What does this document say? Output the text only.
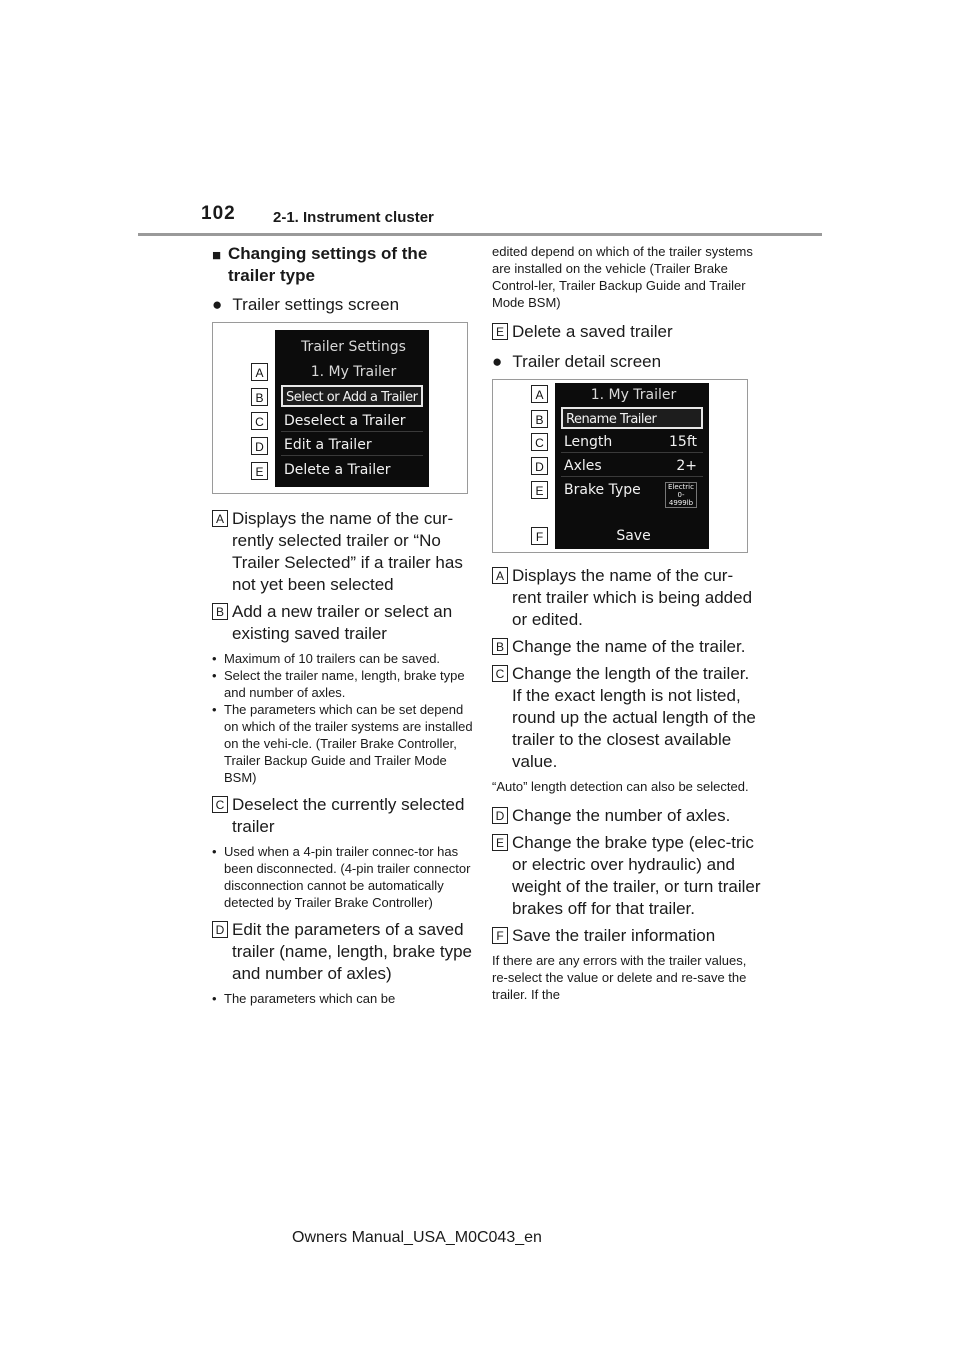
102 2-1. Instrument cluster
■ Changing settings of the trailer type
● Trailer settings screen
A
B
C
D
E
Trailer Settings
1. My Trailer
Select or Add a Trailer
Deselect a Trailer
Edit a Trailer
Delete a Trailer
A Displays the name of the cur-rently selected trailer or “No Trailer Selected” if a trailer has not yet been selected
B Add a new trailer or select an existing saved trailer
• Maximum of 10 trailers can be saved.
• Select the trailer name, length, brake type and number of axles.
• The parameters which can be set depend on which of the trailer systems are installed on the vehi-cle. (Trailer Brake Controller, Trailer Backup Guide and Trailer Mode BSM)
C Deselect the currently selected trailer
• Used when a 4-pin trailer connec-tor has been disconnected. (4-pin trailer connector disconnection cannot be automatically detected by Trailer Brake Controller)
D Edit the parameters of a saved trailer (name, length, brake type and number of axles)
• The parameters which can be
edited depend on which of the trailer systems are installed on the vehicle (Trailer Brake Control-ler, Trailer Backup Guide and Trailer Mode BSM)
E Delete a saved trailer
● Trailer detail screen
A
B
C
D
E
F
1. My Trailer
Rename Trailer
Length	15ft
Axles	2+
Brake Type	Electric 0-4999lb
Save
A Displays the name of the cur-rent trailer which is being added or edited.
B Change the name of the trailer.
C Change the length of the trailer. If the exact length is not listed, round up the actual length of the trailer to the closest available value.
“Auto” length detection can also be selected.
D Change the number of axles.
E Change the brake type (elec-tric or electric over hydraulic) and weight of the trailer, or turn trailer brakes off for that trailer.
F Save the trailer information
If there are any errors with the trailer values, re-select the value or delete and re-save the trailer. If the
Owners Manual_USA_M0C043_en
